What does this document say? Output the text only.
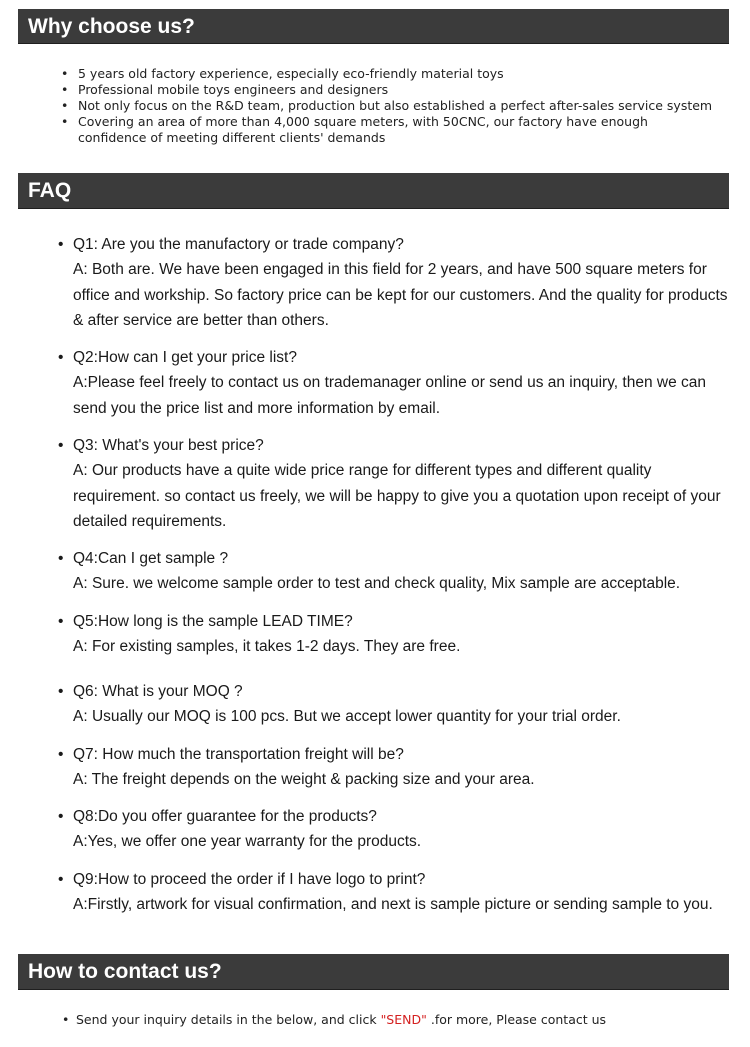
Why choose us?
• 5 years old factory experience, especially eco-friendly material toys
• Professional mobile toys engineers and designers
• Not only focus on the R&D team, production but also established a perfect after-sales service system
• Covering an area of more than 4,000 square meters, with 50CNC, our factory have enough confidence of meeting different clients' demands
FAQ
• Q1: Are you the manufactory or trade company?
A: Both are. We have been engaged in this field for 2 years, and have 500 square meters for office and workship. So factory price can be kept for our customers. And the quality for products & after service are better than others.
• Q2:How can I get your price list?
A:Please feel freely to contact us on trademanager online or send us an inquiry, then we can send you the price list and more information by email.
• Q3: What's your best price?
A: Our products have a quite wide price range for different types and different quality requirement. so contact us freely, we will be happy to give you a quotation upon receipt of your detailed requirements.
• Q4:Can I get sample ?
A: Sure. we welcome sample order to test and check quality, Mix sample are acceptable.
• Q5:How long is the sample LEAD TIME?
A: For existing samples, it takes 1-2 days. They are free.
• Q6: What is your MOQ ?
A: Usually our MOQ is 100 pcs. But we accept lower quantity for your trial order.
• Q7: How much the transportation freight will be?
A: The freight depends on the weight & packing size and your area.
• Q8:Do you offer guarantee for the products?
A:Yes, we offer one year warranty for the products.
• Q9:How to proceed the order if I have logo to print?
A:Firstly, artwork for visual confirmation, and next is sample picture or sending sample to you.
How to contact us?
• Send your inquiry details in the below, and click "SEND" .for more, Please contact us
